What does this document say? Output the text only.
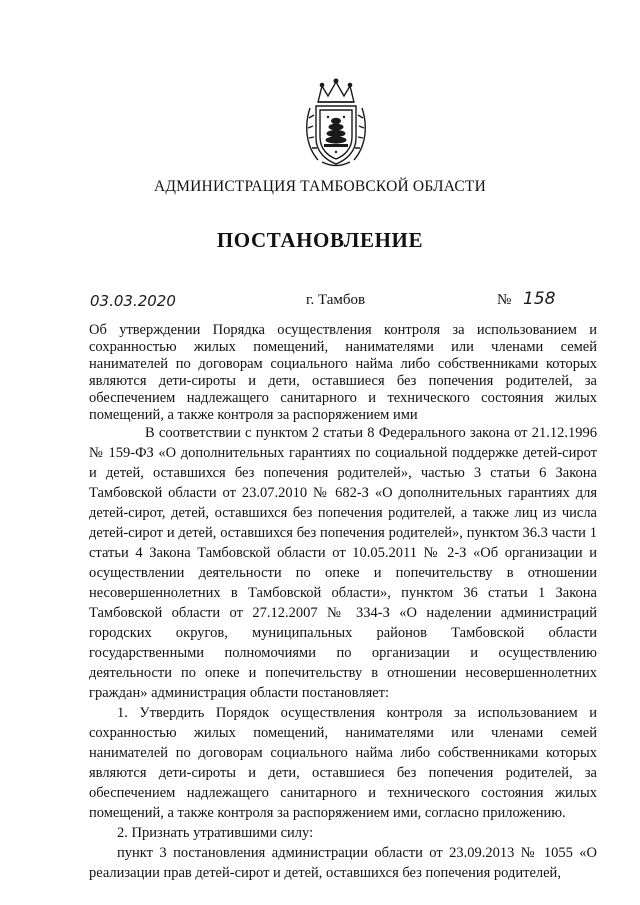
АДМИНИСТРАЦИЯ ТАМБОВСКОЙ ОБЛАСТИ
ПОСТАНОВЛЕНИЕ
03.03.2020	г. Тамбов	№ 158
Об утверждении Порядка осуществления контроля за использованием и сохранностью жилых помещений, нанимателями или членами семей нанимателей по договорам социального найма либо собственниками которых являются дети-сироты и дети, оставшиеся без попечения родителей, за обеспечением надлежащего санитарного и технического состояния жилых помещений, а также контроля за распоряжением ими

В соответствии с пунктом 2 статьи 8 Федерального закона от 21.12.1996 № 159-ФЗ «О дополнительных гарантиях по социальной поддержке детей-сирот и детей, оставшихся без попечения родителей», частью 3 статьи 6 Закона Тамбовской области от 23.07.2010 № 682-З «О дополнительных гарантиях для детей-сирот, детей, оставшихся без попечения родителей, а также лиц из числа детей-сирот и детей, оставшихся без попечения родителей», пунктом 36.3 части 1 статьи 4 Закона Тамбовской области от 10.05.2011 № 2-З «Об организации и осуществлении деятельности по опеке и попечительству в отношении несовершеннолетних в Тамбовской области», пунктом 36 статьи 1 Закона Тамбовской области от 27.12.2007 № 334-З «О наделении администраций городских округов, муниципальных районов Тамбовской области государственными полномочиями по организации и осуществлению деятельности по опеке и попечительству в отношении несовершеннолетних граждан» администрация области постановляет:

1. Утвердить Порядок осуществления контроля за использованием и сохранностью жилых помещений, нанимателями или членами семей нанимателей по договорам социального найма либо собственниками которых являются дети-сироты и дети, оставшиеся без попечения родителей, за обеспечением надлежащего санитарного и технического состояния жилых помещений, а также контроля за распоряжением ими, согласно приложению.

2. Признать утратившими силу:

пункт 3 постановления администрации области от 23.09.2013 № 1055 «О реализации прав детей-сирот и детей, оставшихся без попечения родителей,
